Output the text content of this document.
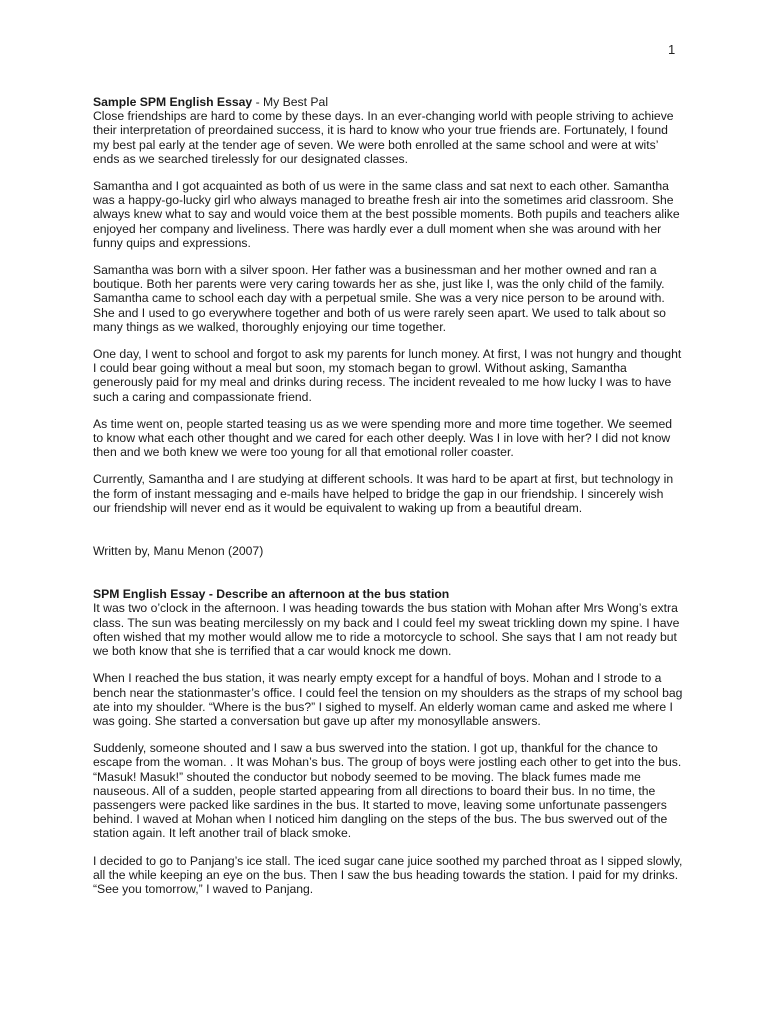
1

Sample SPM English Essay - My Best Pal

Close friendships are hard to come by these days. In an ever-changing world with people striving to achieve their interpretation of preordained success, it is hard to know who your true friends are. Fortunately, I found my best pal early at the tender age of seven. We were both enrolled at the same school and were at wits’ ends as we searched tirelessly for our designated classes.

Samantha and I got acquainted as both of us were in the same class and sat next to each other. Samantha was a happy-go-lucky girl who always managed to breathe fresh air into the sometimes arid classroom. She always knew what to say and would voice them at the best possible moments. Both pupils and teachers alike enjoyed her company and liveliness. There was hardly ever a dull moment when she was around with her funny quips and expressions.

Samantha was born with a silver spoon. Her father was a businessman and her mother owned and ran a boutique. Both her parents were very caring towards her as she, just like I, was the only child of the family. Samantha came to school each day with a perpetual smile. She was a very nice person to be around with. She and I used to go everywhere together and both of us were rarely seen apart. We used to talk about so many things as we walked, thoroughly enjoying our time together.

One day, I went to school and forgot to ask my parents for lunch money. At first, I was not hungry and thought I could bear going without a meal but soon, my stomach began to growl. Without asking, Samantha generously paid for my meal and drinks during recess. The incident revealed to me how lucky I was to have such a caring and compassionate friend.

As time went on, people started teasing us as we were spending more and more time together. We seemed to know what each other thought and we cared for each other deeply. Was I in love with her? I did not know then and we both knew we were too young for all that emotional roller coaster.

Currently, Samantha and I are studying at different schools. It was hard to be apart at first, but technology in the form of instant messaging and e-mails have helped to bridge the gap in our friendship. I sincerely wish our friendship will never end as it would be equivalent to waking up from a beautiful dream.

Written by, Manu Menon (2007)

SPM English Essay - Describe an afternoon at the bus station

It was two o’clock in the afternoon. I was heading towards the bus station with Mohan after Mrs Wong’s extra class. The sun was beating mercilessly on my back and I could feel my sweat trickling down my spine. I have often wished that my mother would allow me to ride a motorcycle to school. She says that I am not ready but we both know that she is terrified that a car would knock me down.

When I reached the bus station, it was nearly empty except for a handful of boys. Mohan and I strode to a bench near the stationmaster’s office. I could feel the tension on my shoulders as the straps of my school bag ate into my shoulder. “Where is the bus?” I sighed to myself. An elderly woman came and asked me where I was going. She started a conversation but gave up after my monosyllable answers.

Suddenly, someone shouted and I saw a bus swerved into the station. I got up, thankful for the chance to escape from the woman. . It was Mohan’s bus. The group of boys were jostling each other to get into the bus. “Masuk! Masuk!” shouted the conductor but nobody seemed to be moving. The black fumes made me nauseous. All of a sudden, people started appearing from all directions to board their bus. In no time, the passengers were packed like sardines in the bus. It started to move, leaving some unfortunate passengers behind. I waved at Mohan when I noticed him dangling on the steps of the bus. The bus swerved out of the station again. It left another trail of black smoke.

I decided to go to Panjang’s ice stall. The iced sugar cane juice soothed my parched throat as I sipped slowly, all the while keeping an eye on the bus. Then I saw the bus heading towards the station. I paid for my drinks. “See you tomorrow,” I waved to Panjang.
